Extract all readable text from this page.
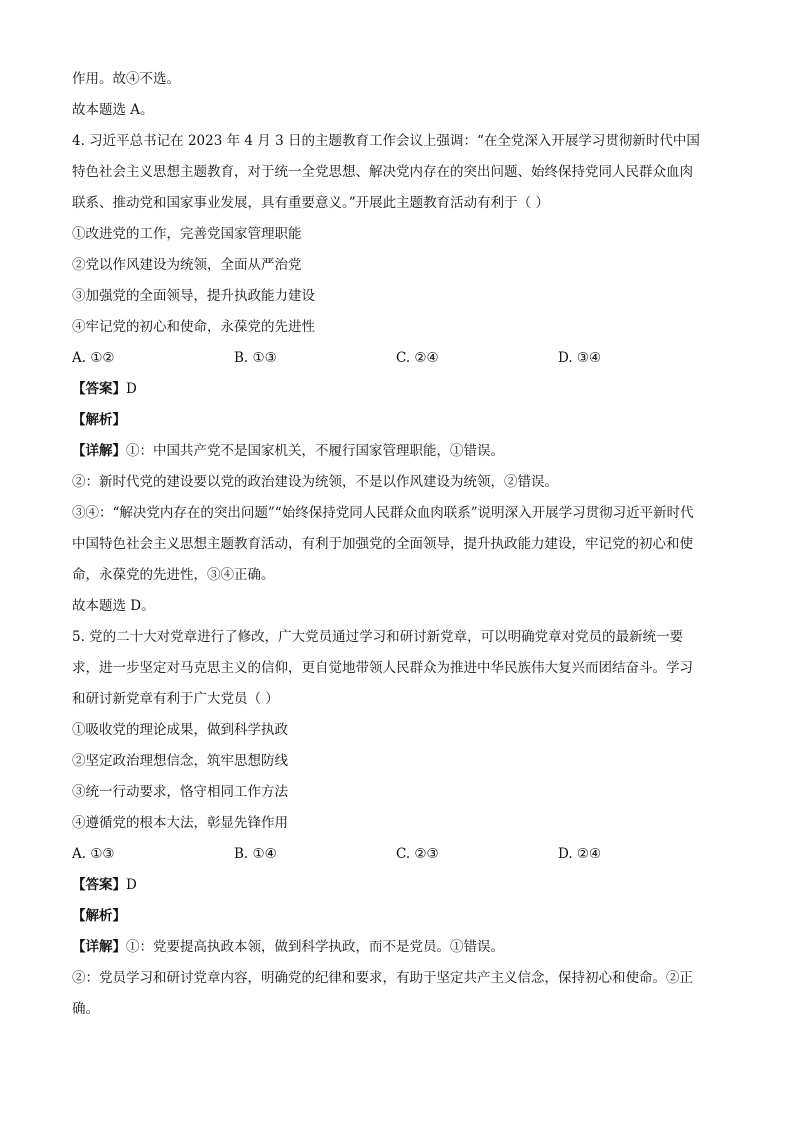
作用。故④不选。
故本题选 A。
4. 习近平总书记在 2023 年 4 月 3 日的主题教育工作会议上强调：“在全党深入开展学习贯彻新时代中国
特色社会主义思想主题教育，对于统一全党思想、解决党内存在的突出问题、始终保持党同人民群众血肉
联系、推动党和国家事业发展，具有重要意义。”开展此主题教育活动有利于（ ）
①改进党的工作，完善党国家管理职能
②党以作风建设为统领，全面从严治党
③加强党的全面领导，提升执政能力建设
④牢记党的初心和使命，永葆党的先进性
A. ①②	B. ①③	C. ②④	D. ③④
【答案】D
【解析】
【详解】①：中国共产党不是国家机关，不履行国家管理职能，①错误。
②：新时代党的建设要以党的政治建设为统领，不是以作风建设为统领，②错误。
③④：“解决党内存在的突出问题”“始终保持党同人民群众血肉联系”说明深入开展学习贯彻习近平新时代
中国特色社会主义思想主题教育活动，有利于加强党的全面领导，提升执政能力建设，牢记党的初心和使
命，永葆党的先进性，③④正确。
故本题选 D。
5. 党的二十大对党章进行了修改，广大党员通过学习和研讨新党章，可以明确党章对党员的最新统一要
求，进一步坚定对马克思主义的信仰，更自觉地带领人民群众为推进中华民族伟大复兴而团结奋斗。学习
和研讨新党章有利于广大党员（ ）
①吸收党的理论成果，做到科学执政
②坚定政治理想信念，筑牢思想防线
③统一行动要求，恪守相同工作方法
④遵循党的根本大法，彰显先锋作用
A. ①③	B. ①④	C. ②③	D. ②④
【答案】D
【解析】
【详解】①：党要提高执政本领，做到科学执政，而不是党员。①错误。
②：党员学习和研讨党章内容，明确党的纪律和要求，有助于坚定共产主义信念，保持初心和使命。②正
确。
